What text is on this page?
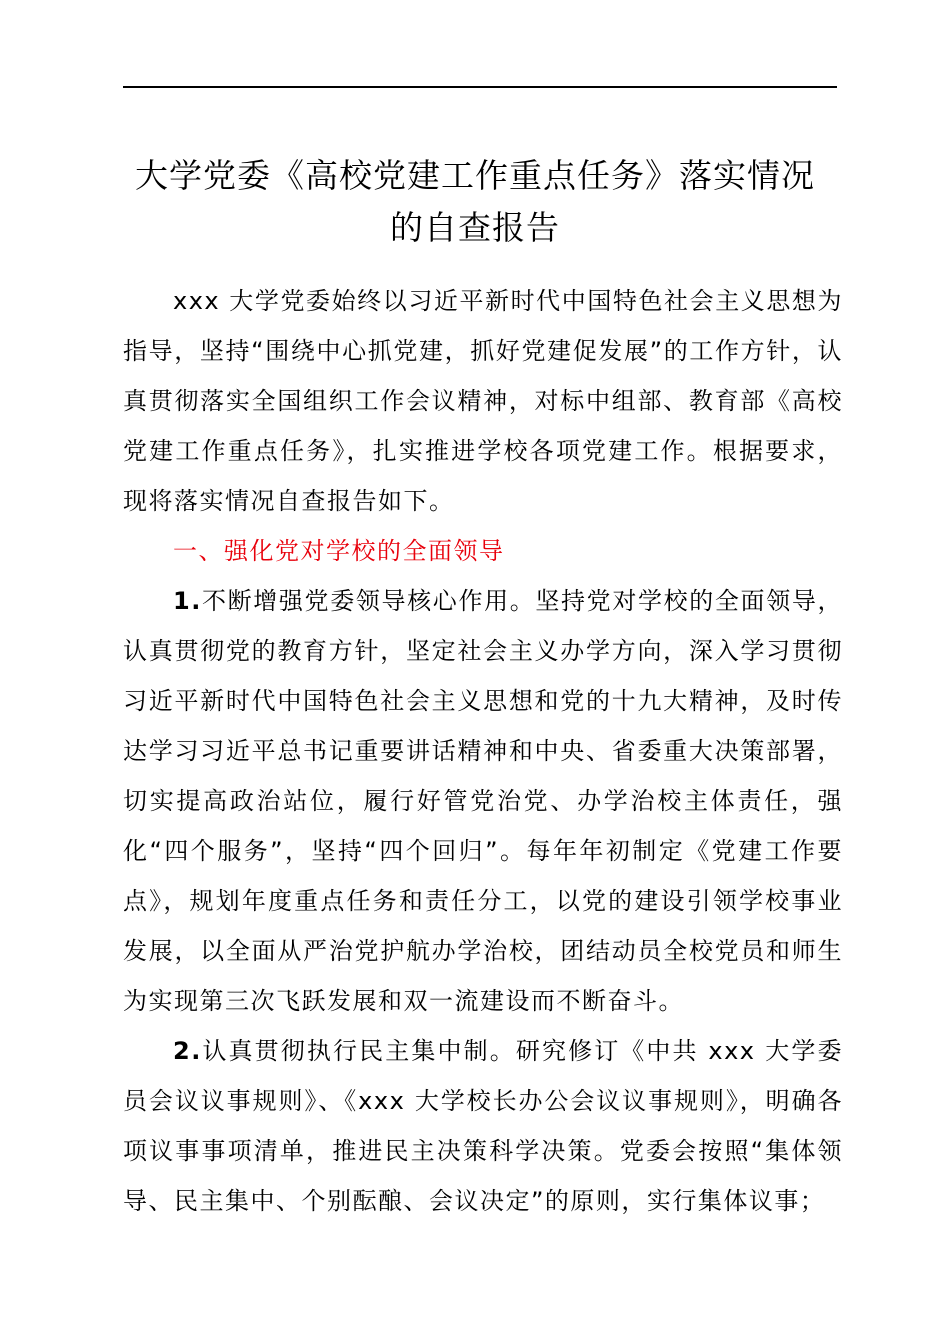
大学党委《高校党建工作重点任务》落实情况
的自查报告

xxx 大学党委始终以习近平新时代中国特色社会主义思想为指导，坚持“围绕中心抓党建，抓好党建促发展”的工作方针，认真贯彻落实全国组织工作会议精神，对标中组部、教育部《高校党建工作重点任务》，扎实推进学校各项党建工作。根据要求，现将落实情况自查报告如下。

一、强化党对学校的全面领导

1.不断增强党委领导核心作用。坚持党对学校的全面领导，认真贯彻党的教育方针，坚定社会主义办学方向，深入学习贯彻习近平新时代中国特色社会主义思想和党的十九大精神，及时传达学习习近平总书记重要讲话精神和中央、省委重大决策部署，切实提高政治站位，履行好管党治党、办学治校主体责任，强化“四个服务”，坚持“四个回归”。每年年初制定《党建工作要点》，规划年度重点任务和责任分工，以党的建设引领学校事业发展，以全面从严治党护航办学治校，团结动员全校党员和师生为实现第三次飞跃发展和双一流建设而不断奋斗。

2.认真贯彻执行民主集中制。研究修订《中共 xxx 大学委员会议议事规则》、《xxx 大学校长办公会议议事规则》，明确各项议事事项清单，推进民主决策科学决策。党委会按照“集体领导、民主集中、个别酝酿、会议决定”的原则，实行集体议事；
